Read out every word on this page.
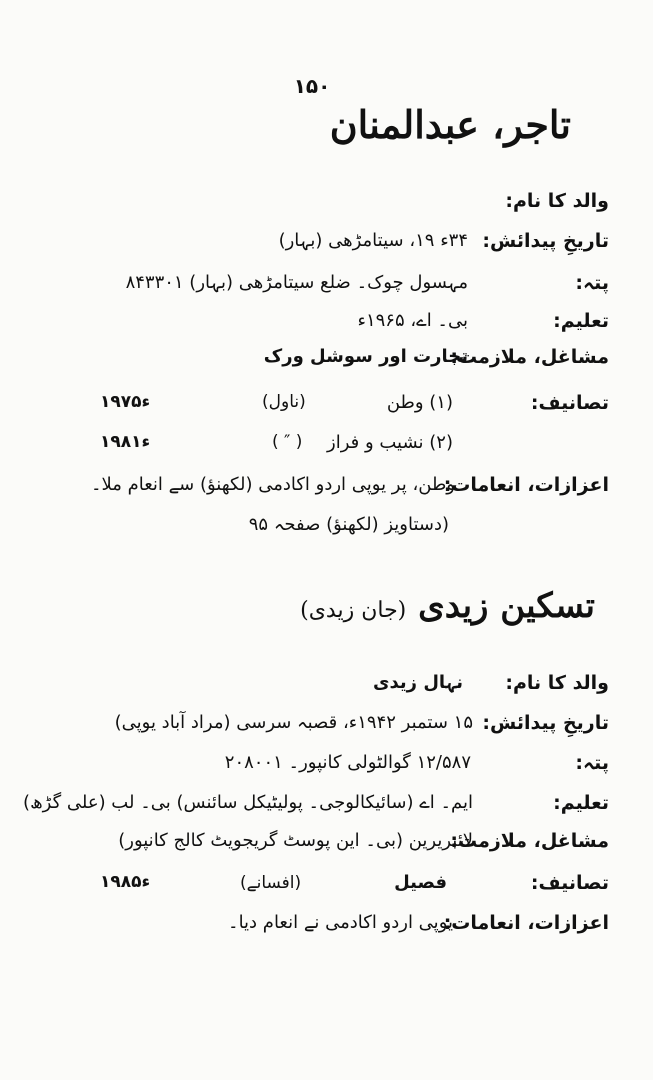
۱۵۰
تاجر، عبدالمنان
والد کا نام:
تاریخِ پیدائش:
۳۴ء ۱۹، سیتامڑھی (بہار)
پتہ:
مہسول چوک۔ ضلع سیتامڑھی (بہار) ۸۴۳۳۰۱
تعلیم:
بی۔ اے، ۱۹۶۵ء
مشاغل، ملازمت:
تجارت اور سوشل ورک
تصانیف:
(۱) وطن
(ناول)
۱۹۷۵ء
(۲) نشیب و فراز
( ″ )
۱۹۸۱ء
اعزازات، انعامات:
وطن، پر یوپی اردو اکادمی (لکھنؤ) سے انعام ملا۔
(دستاویز (لکھنؤ) صفحہ ۹۵
تسکین زیدی (جان زیدی)
والد کا نام:
نہال زیدی
تاریخِ پیدائش:
۱۵ ستمبر ۱۹۴۲ء، قصبہ سرسی (مراد آباد یوپی)
پتہ:
۱۲/۵۸۷ گوالٹولی کانپور۔ ۲۰۸۰۰۱
تعلیم:
ایم۔ اے (سائیکالوجی۔ پولیٹیکل سائنس) بی۔ لب (علی گڑھ)
مشاغل، ملازمت:
لائبریرین (بی۔ این پوسٹ گریجویٹ کالج کانپور)
تصانیف:
فصیل
(افسانے)
۱۹۸۵ء
اعزازات، انعامات:
یوپی اردو اکادمی نے انعام دیا۔
